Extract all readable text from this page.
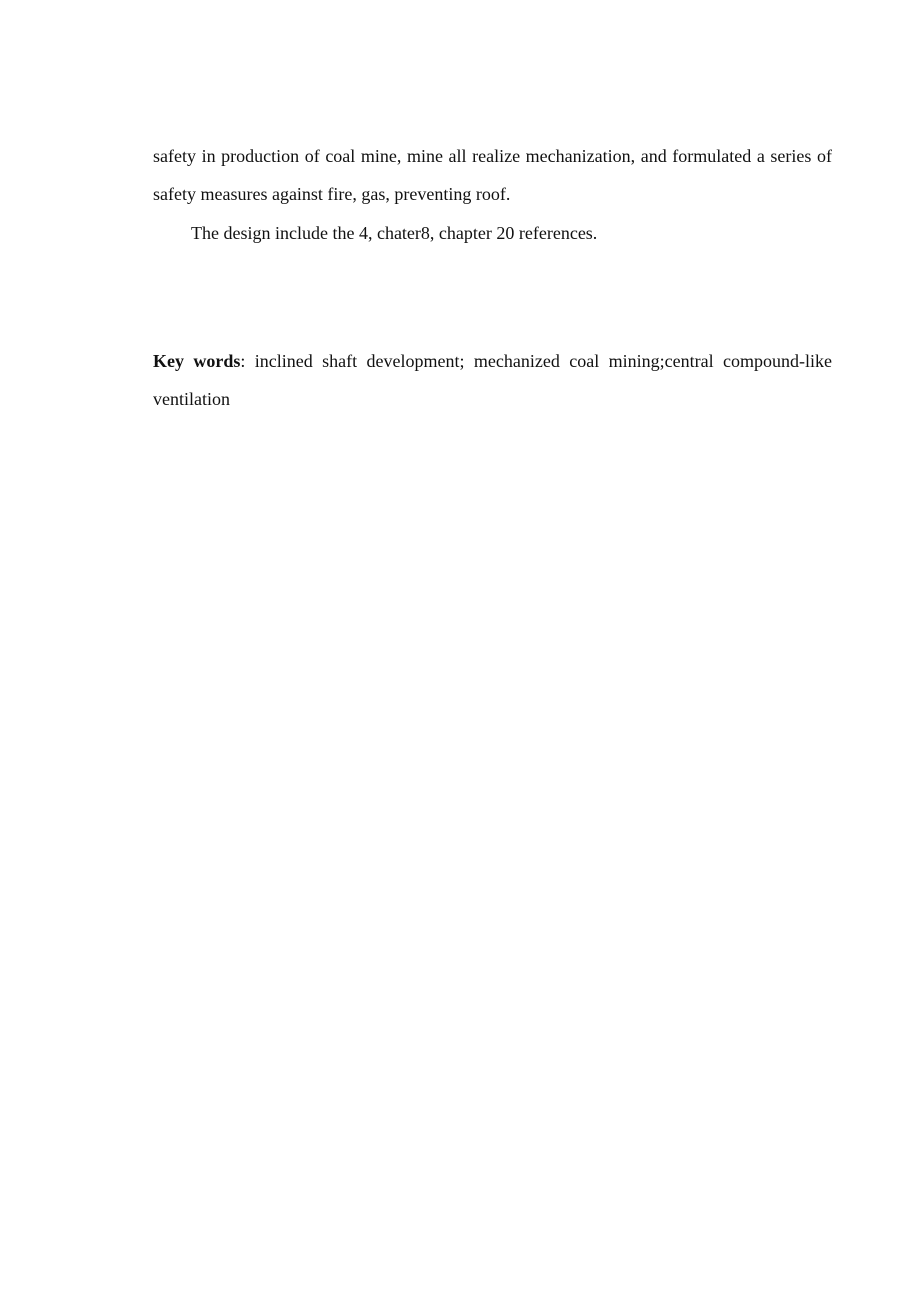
safety in production of coal mine, mine all realize mechanization, and formulated a series of safety measures against fire, gas, preventing roof.

The design include the 4, chater8, chapter 20 references.

Key words: inclined shaft development; mechanized coal mining;central compound-like ventilation
